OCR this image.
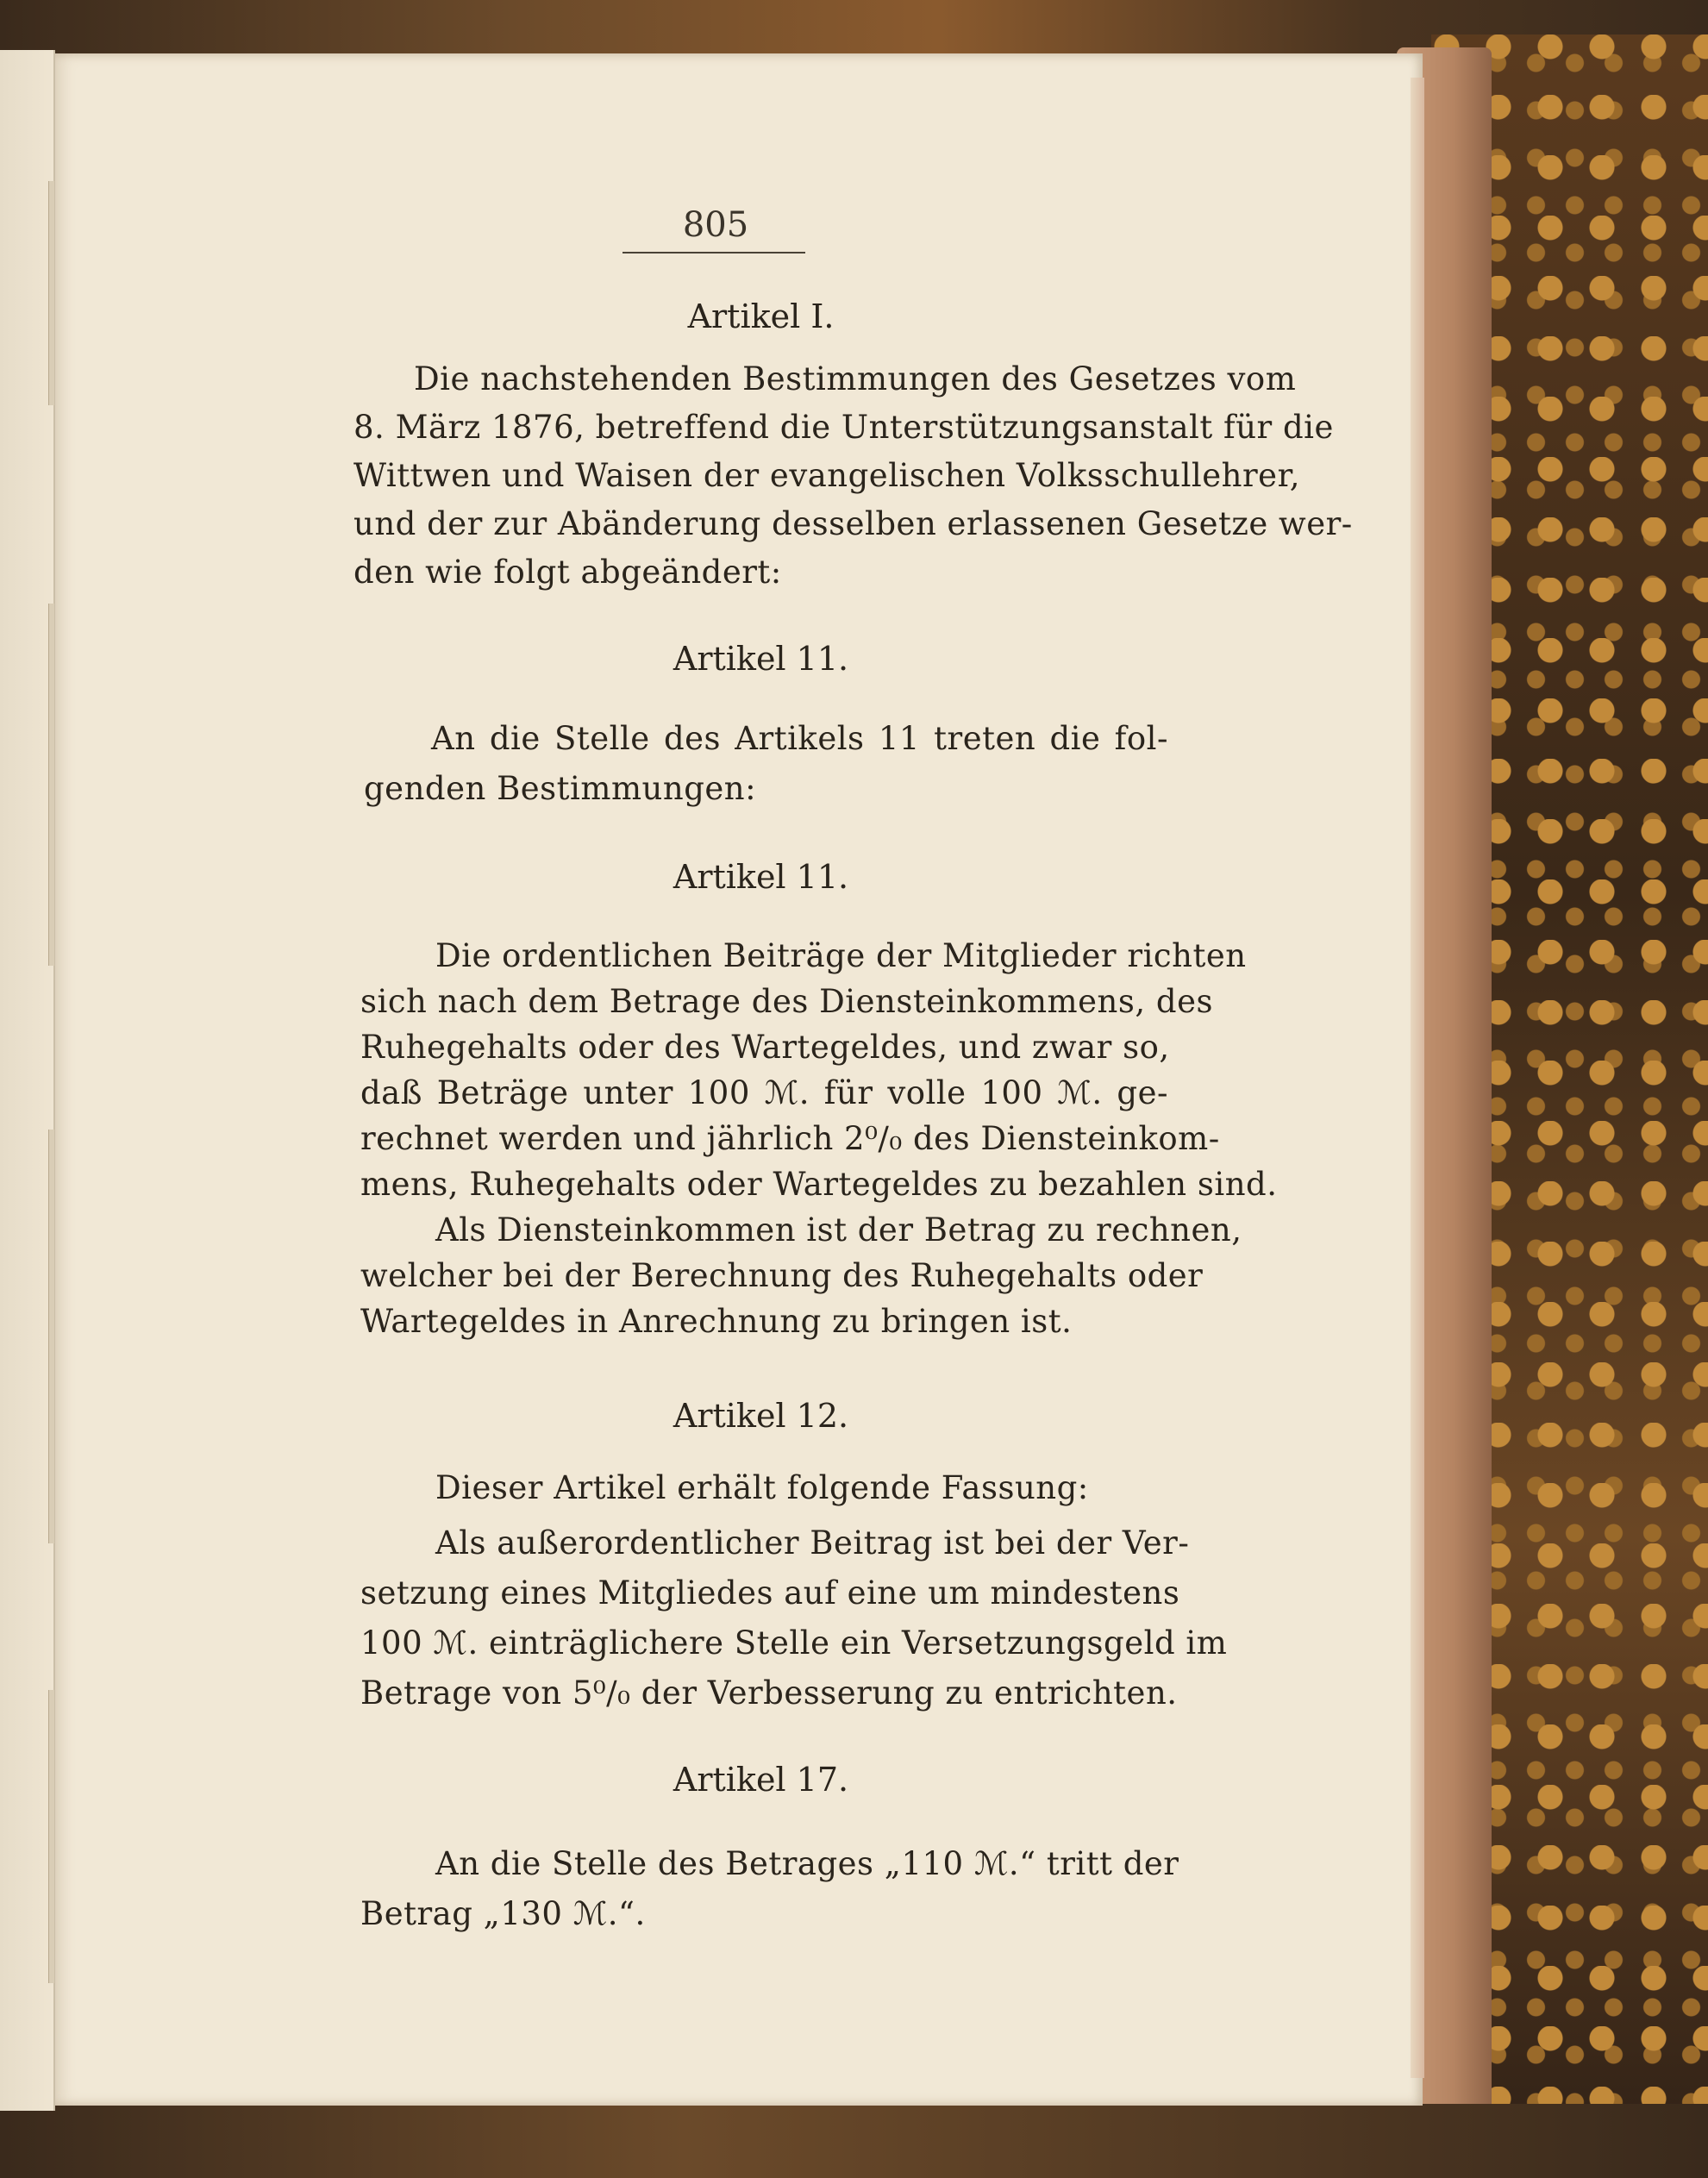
805
Artikel I.
Die nachstehenden Bestimmungen des Gesetzes vom
8. März 1876, betreffend die Unterstützungsanstalt für die
Wittwen und Waisen der evangelischen Volksschullehrer,
und der zur Abänderung desselben erlassenen Gesetze wer-
den wie folgt abgeändert:
Artikel 11.
An die Stelle des Artikels 11 treten die fol-
genden Bestimmungen:
Artikel 11.
Die ordentlichen Beiträge der Mitglieder richten
sich nach dem Betrage des Diensteinkommens, des
Ruhegehalts oder des Wartegeldes, und zwar so,
daß Beträge unter 100 ℳ. für volle 100 ℳ. ge-
rechnet werden und jährlich 2⁰/₀ des Diensteinkom-
mens, Ruhegehalts oder Wartegeldes zu bezahlen sind.
Als Diensteinkommen ist der Betrag zu rechnen,
welcher bei der Berechnung des Ruhegehalts oder
Wartegeldes in Anrechnung zu bringen ist.
Artikel 12.
Dieser Artikel erhält folgende Fassung:
Als außerordentlicher Beitrag ist bei der Ver-
setzung eines Mitgliedes auf eine um mindestens
100 ℳ. einträglichere Stelle ein Versetzungsgeld im
Betrage von 5⁰/₀ der Verbesserung zu entrichten.
Artikel 17.
An die Stelle des Betrages „110 ℳ.“ tritt der
Betrag „130 ℳ.“.
